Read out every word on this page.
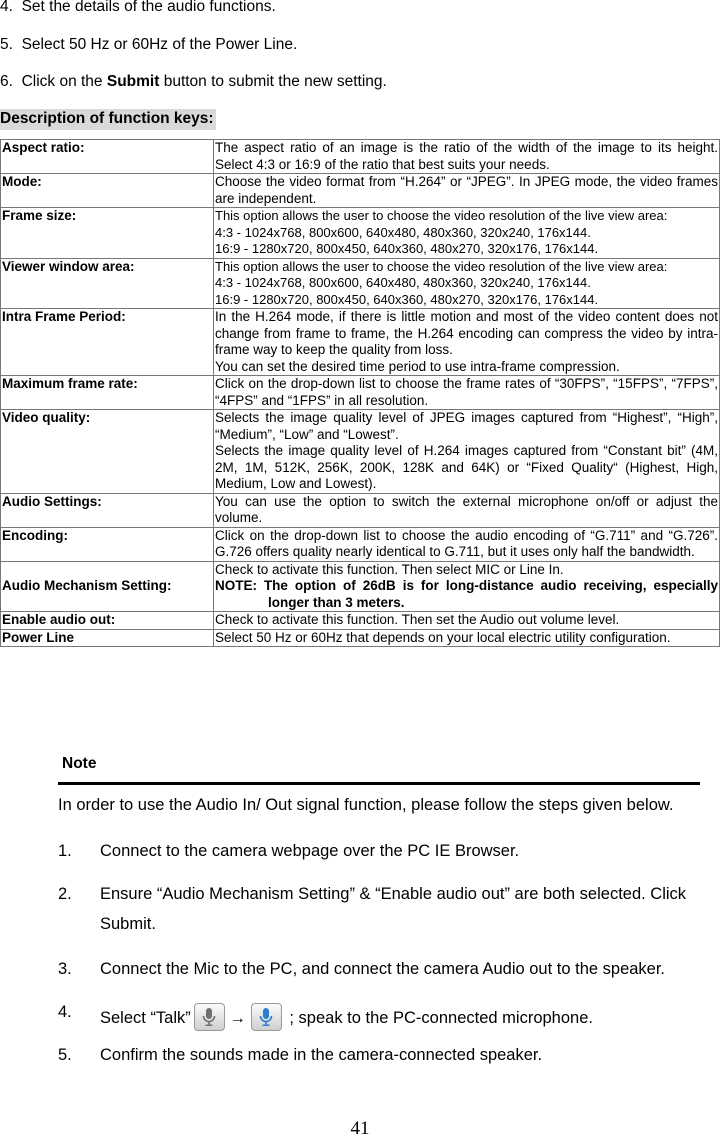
4. Set the details of the audio functions.
5. Select 50 Hz or 60Hz of the Power Line.
6. Click on the Submit button to submit the new setting.
Description of function keys:
Aspect ratio:	The aspect ratio of an image is the ratio of the width of the image to its height. Select 4:3 or 16:9 of the ratio that best suits your needs.
Mode:	Choose the video format from “H.264” or “JPEG”. In JPEG mode, the video frames are independent.
Frame size:	This option allows the user to choose the video resolution of the live view area:
4:3 - 1024x768, 800x600, 640x480, 480x360, 320x240, 176x144.
16:9 - 1280x720, 800x450, 640x360, 480x270, 320x176, 176x144.

Viewer window area:	This option allows the user to choose the video resolution of the live view area:
4:3 - 1024x768, 800x600, 640x480, 480x360, 320x240, 176x144.
16:9 - 1280x720, 800x450, 640x360, 480x270, 320x176, 176x144.

Intra Frame Period:	In the H.264 mode, if there is little motion and most of the video content does not change from frame to frame, the H.264 encoding can compress the video by intra-frame way to keep the quality from loss.
You can set the desired time period to use intra-frame compression.

Maximum frame rate:	Click on the drop-down list to choose the frame rates of “30FPS”, “15FPS”, “7FPS”, “4FPS” and “1FPS” in all resolution.
Video quality:	Selects the image quality level of JPEG images captured from “Highest”, “High”, “Medium”, “Low” and “Lowest”.
Selects the image quality level of H.264 images captured from “Constant bit” (4M, 2M, 1M, 512K, 256K, 200K, 128K and 64K) or “Fixed Quality“ (Highest, High, Medium, Low and Lowest).

Audio Settings:	You can use the option to switch the external microphone on/off or adjust the volume.
Encoding:	Click on the drop-down list to choose the audio encoding of “G.711” and “G.726”. G.726 offers quality nearly identical to G.711, but it uses only half the bandwidth.
Audio Mechanism Setting:	Check to activate this function. Then select MIC or Line In.
NOTE: The option of 26dB is for long-distance audio receiving, especially longer than 3 meters.

Enable audio out:	Check to activate this function. Then set the Audio out volume level.
Power Line	Select 50 Hz or 60Hz that depends on your local electric utility configuration.
Note
In order to use the Audio In/ Out signal function, please follow the steps given below.
1. Connect to the camera webpage over the PC IE Browser.
2. Ensure “Audio Mechanism Setting” & “Enable audio out” are both selected. Click
Submit.
3. Connect the Mic to the PC, and connect the camera Audio out to the speaker.
4. Select “Talk” →
; speak to the PC-connected microphone.
5. Confirm the sounds made in the camera-connected speaker.
41
